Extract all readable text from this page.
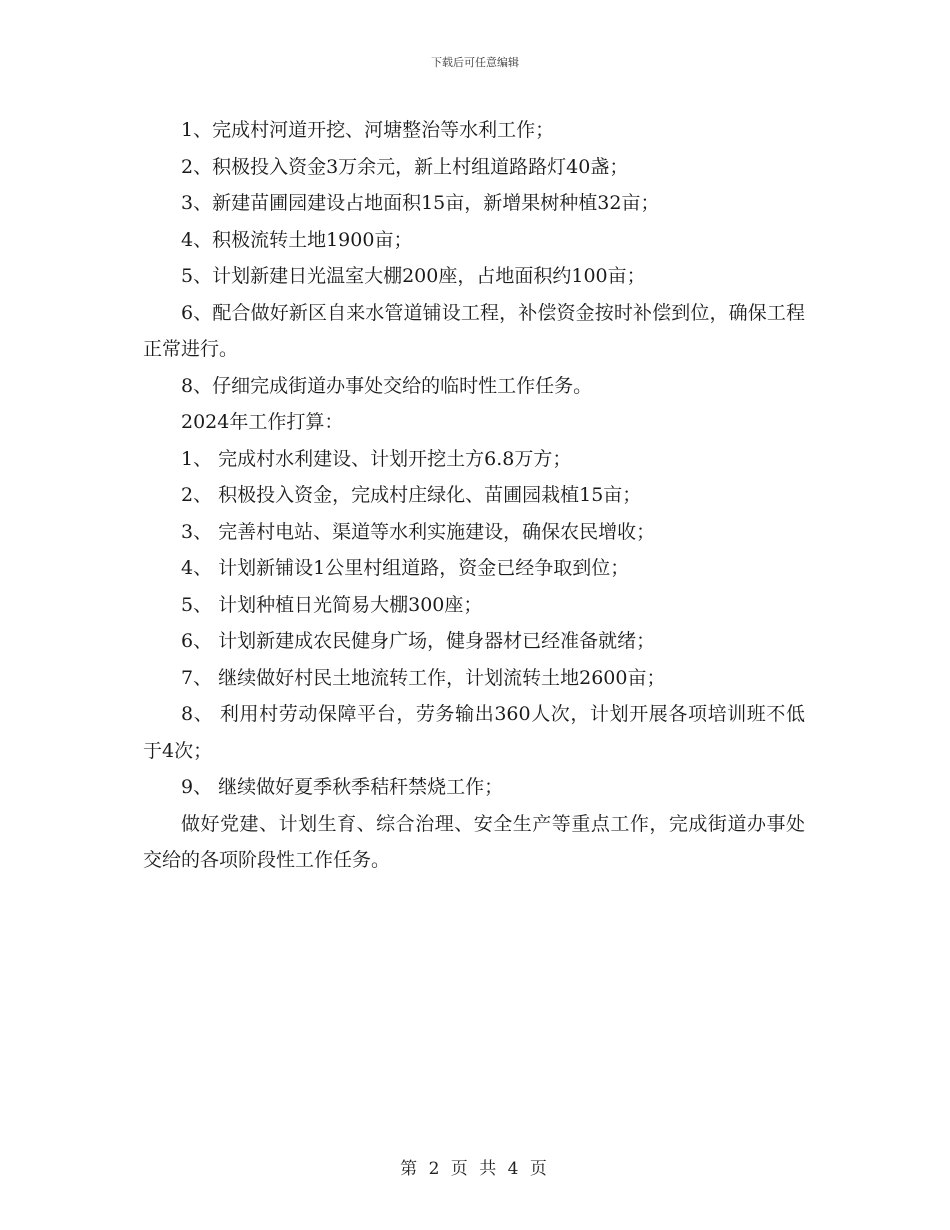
下载后可任意编辑

1、完成村河道开挖、河塘整治等水利工作；

2、积极投入资金3万余元，新上村组道路路灯40盏；

3、新建苗圃园建设占地面积15亩，新增果树种植32亩；

4、积极流转土地1900亩；

5、计划新建日光温室大棚200座，占地面积约100亩；

6、配合做好新区自来水管道铺设工程，补偿资金按时补偿到位，确保工程正常进行。

8、仔细完成街道办事处交给的临时性工作任务。

2024年工作打算：

1、 完成村水利建设、计划开挖土方6.8万方；

2、 积极投入资金，完成村庄绿化、苗圃园栽植15亩；

3、 完善村电站、渠道等水利实施建设，确保农民增收；

4、 计划新铺设1公里村组道路，资金已经争取到位；

5、 计划种植日光简易大棚300座；

6、 计划新建成农民健身广场，健身器材已经准备就绪；

7、 继续做好村民土地流转工作，计划流转土地2600亩；

8、 利用村劳动保障平台，劳务输出360人次，计划开展各项培训班不低于4次；

9、 继续做好夏季秋季秸秆禁烧工作；

做好党建、计划生育、综合治理、安全生产等重点工作，完成街道办事处交给的各项阶段性工作任务。

第 2 页 共 4 页
